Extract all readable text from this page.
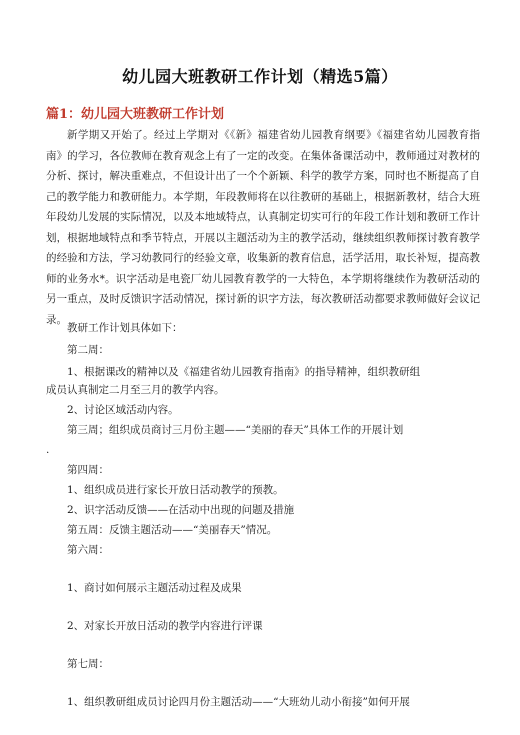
幼儿园大班教研工作计划（精选5篇）
篇1：幼儿园大班教研工作计划

新学期又开始了。经过上学期对《《新》福建省幼儿园教育纲要》《福建省幼儿园教育指南》的学习，各位教师在教育观念上有了一定的改变。在集体备课活动中，教师通过对教材的分析、探讨，解决重难点，不但设计出了一个个新颖、科学的教学方案，同时也不断提高了自己的教学能力和教研能力。本学期，年段教师将在以往教研的基础上，根据新教材，结合大班年段幼儿发展的实际情况，以及本地域特点，认真制定切实可行的年段工作计划和教研工作计划，根据地域特点和季节特点，开展以主题活动为主的教学活动，继续组织教师探讨教育教学的经验和方法，学习幼教同行的经验文章，收集新的教育信息，活学活用，取长补短，提高教师的业务水*。识字活动是电瓷厂幼儿园教育教学的一大特色，本学期将继续作为教研活动的另一重点，及时反馈识字活动情况，探讨新的识字方法，每次教研活动都要求教师做好会议记录。

教研工作计划具体如下：

第二周：

1、根据课改的精神以及《福建省幼儿园教育指南》的指导精神，组织教研组

成员认真制定二月至三月的教学内容。

2、讨论区域活动内容。

第三周；组织成员商讨三月份主题——“美丽的春天”具体工作的开展计划

.

第四周：

1、组织成员进行家长开放日活动教学的预教。

2、识字活动反馈——在活动中出现的问题及措施

第五周：反馈主题活动——“美丽春天”情况。

第六周：

1、商讨如何展示主题活动过程及成果

2、对家长开放日活动的教学内容进行评课

第七周：

1、组织教研组成员讨论四月份主题活动——“大班幼儿动小衔接”如何开展
